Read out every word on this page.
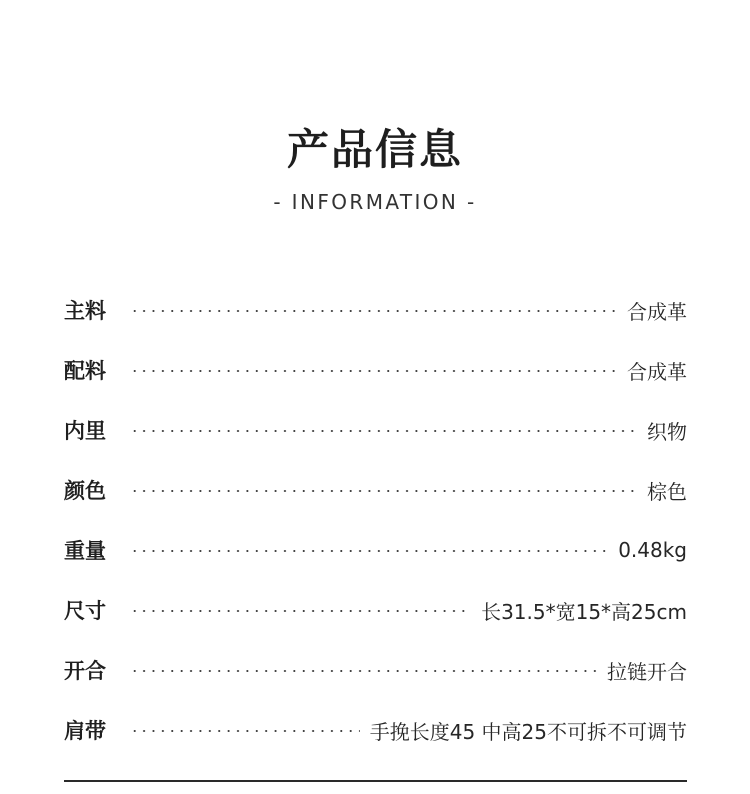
产品信息
- INFORMATION -
主料	合成革
配料	合成革
内里	织物
颜色	棕色
重量	0.48kg
尺寸	长31.5*宽15*高25cm
开合	拉链开合
肩带	手挽长度45 中高25不可拆不可调节
